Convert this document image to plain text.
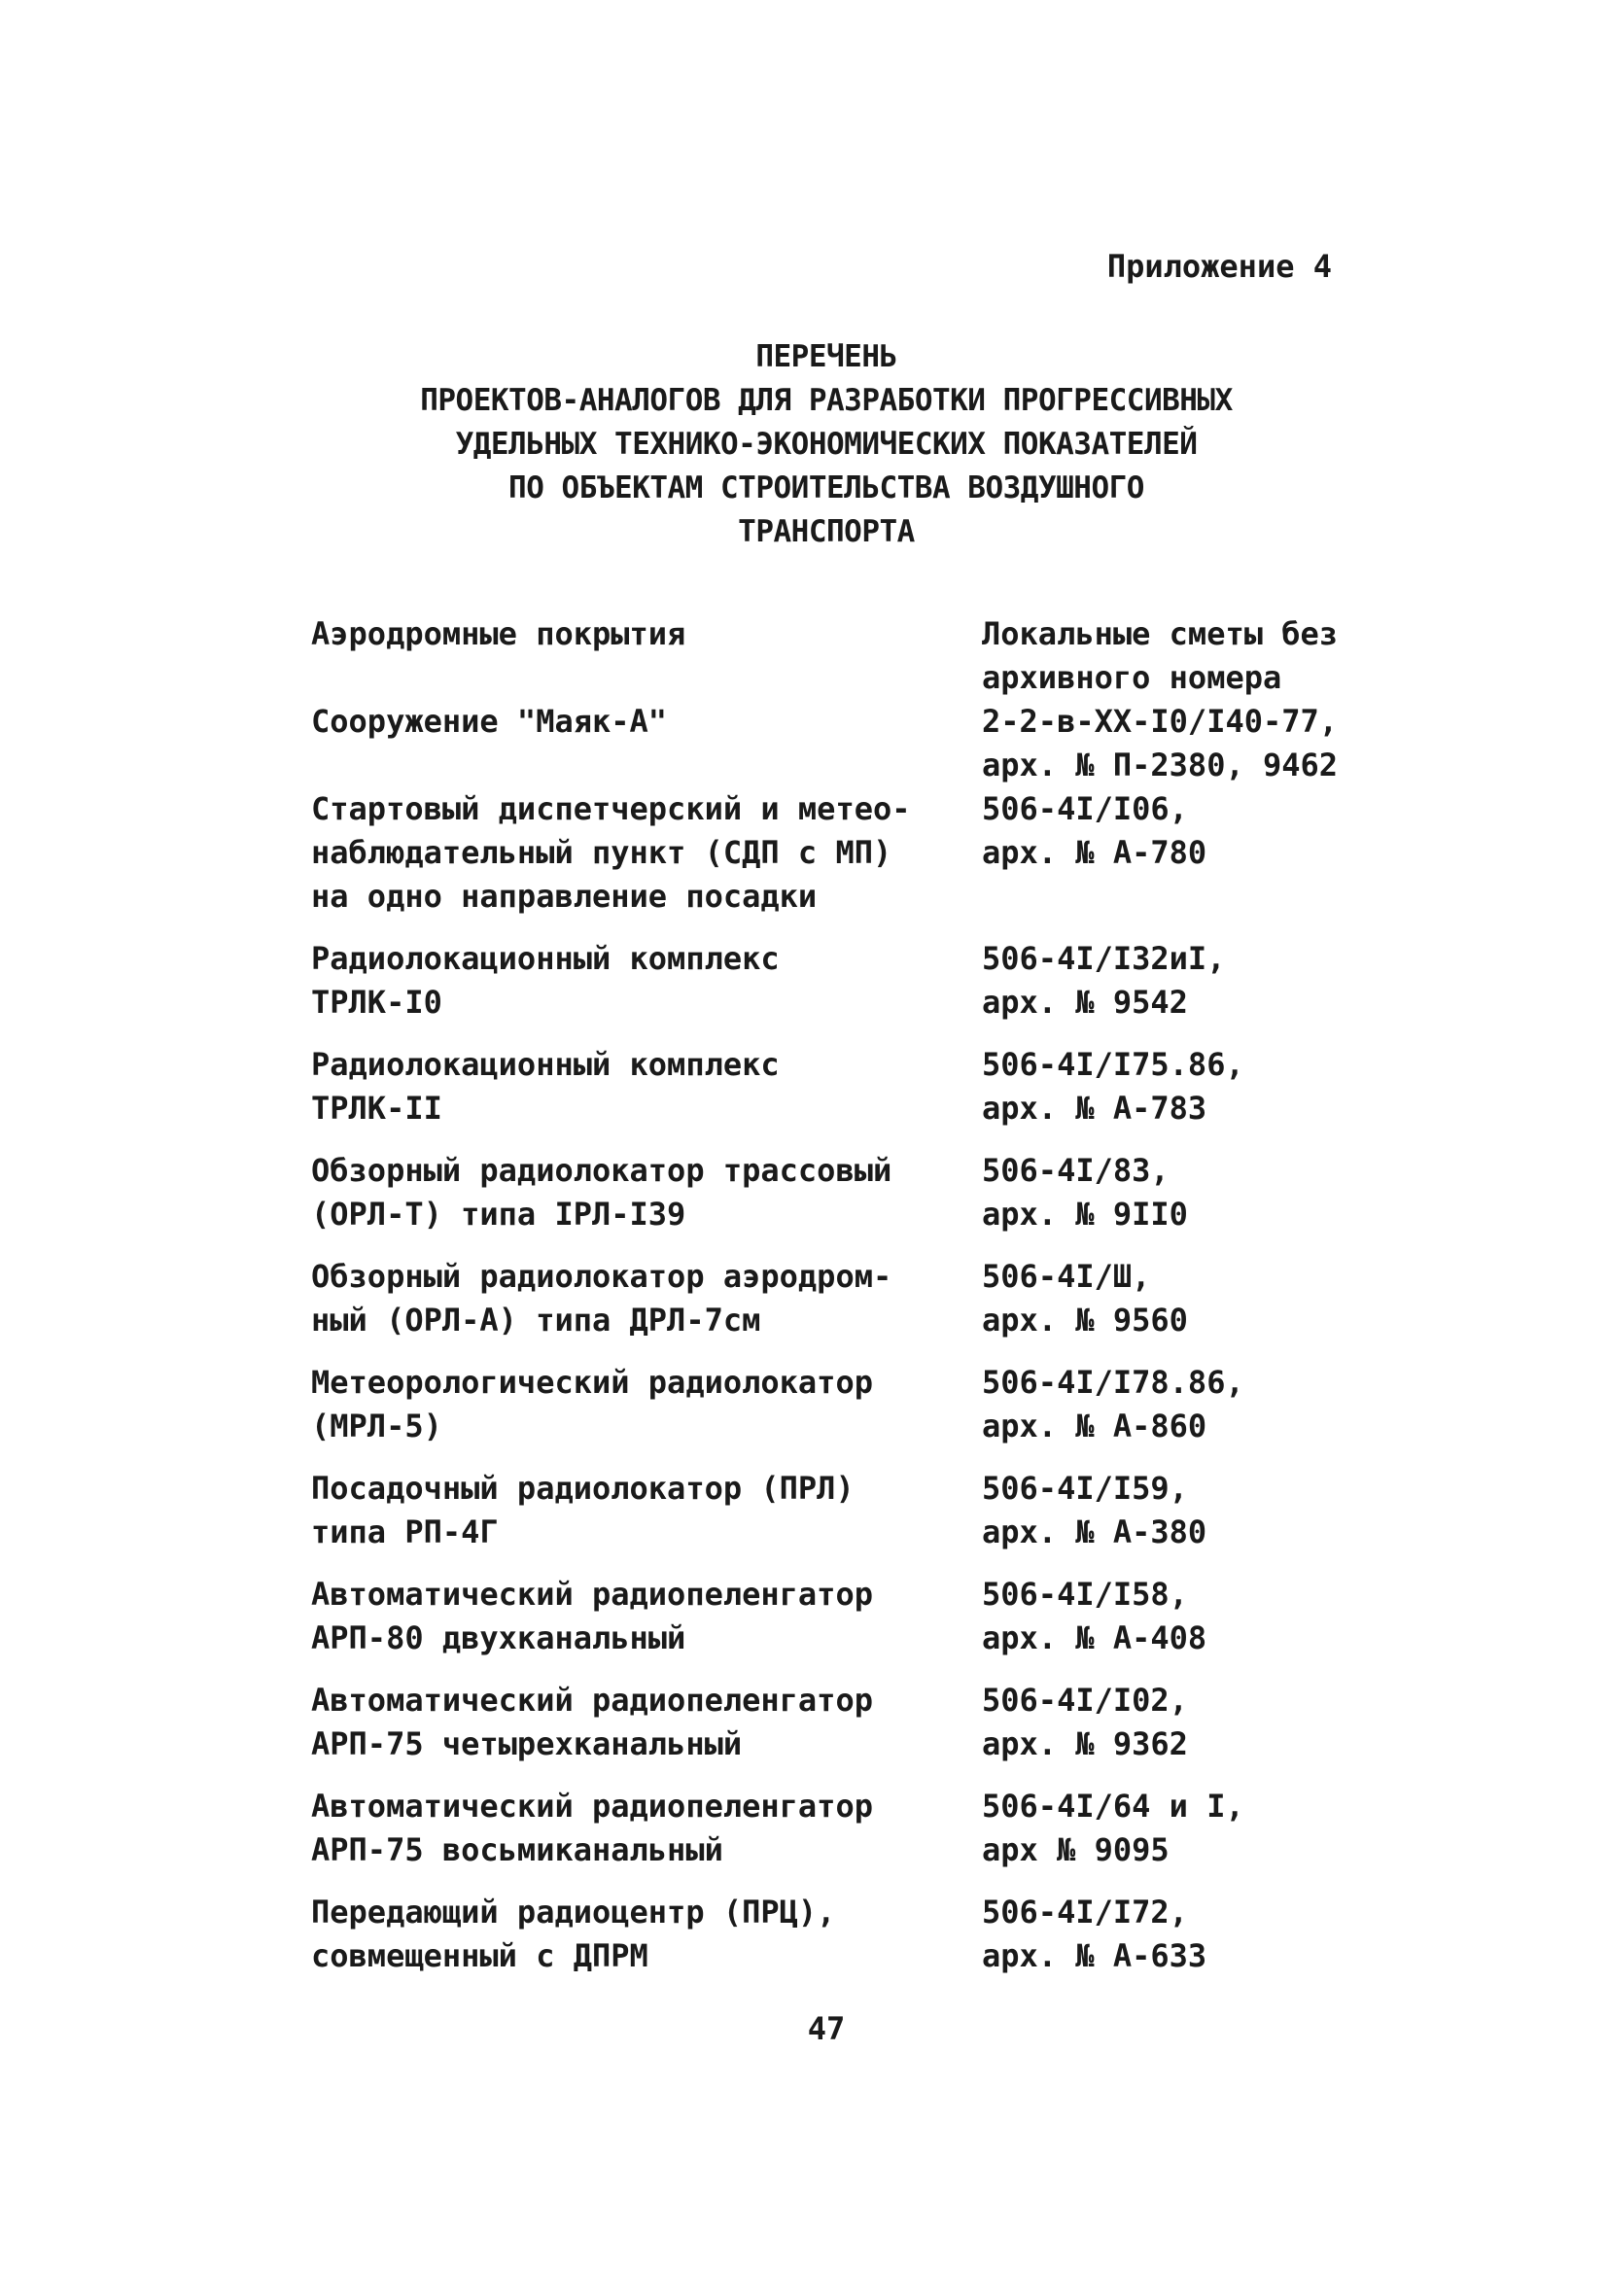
Приложение 4
ПЕРЕЧЕНЬ
ПРОЕКТОВ-АНАЛОГОВ ДЛЯ РАЗРАБОТКИ ПРОГРЕССИВНЫХ
УДЕЛЬНЫХ ТЕХНИКО-ЭКОНОМИЧЕСКИХ ПОКАЗАТЕЛЕЙ
ПО ОБЪЕКТАМ СТРОИТЕЛЬСТВА ВОЗДУШНОГО
ТРАНСПОРТА
Аэродромные покрытия	Локальные сметы без
архивного номера
Сооружение "Маяк-А"	2-2-в-XX-I0/I40-77,
арх. № П-2380, 9462
Стартовый диспетчерский и метео-
наблюдательный пункт (СДП с МП)
на одно направление посадки
506-4I/I06,
арх. № А-780
Радиолокационный комплекс
ТРЛК-I0
506-4I/I32иI,
арх. № 9542
Радиолокационный комплекс
ТРЛК-II
506-4I/I75.86,
арх. № А-783
Обзорный радиолокатор трассовый
(ОРЛ-Т) типа IРЛ-I39
506-4I/83,
арх. № 9II0
Обзорный радиолокатор аэродром-
ный (ОРЛ-А) типа ДРЛ-7см
506-4I/Ш,
арх. № 9560
Метеорологический радиолокатор
(МРЛ-5)
506-4I/I78.86,
арх. № А-860
Посадочный радиолокатор (ПРЛ)
типа РП-4Г
506-4I/I59,
арх. № А-380
Автоматический радиопеленгатор
АРП-80 двухканальный
506-4I/I58,
арх. № А-408
Автоматический радиопеленгатор
АРП-75 четырехканальный
506-4I/I02,
арх. № 9362
Автоматический радиопеленгатор
АРП-75 восьмиканальный
506-4I/64 и I,
арх № 9095
Передающий радиоцентр (ПРЦ),
совмещенный с ДПРМ
506-4I/I72,
арх. № А-633
47
